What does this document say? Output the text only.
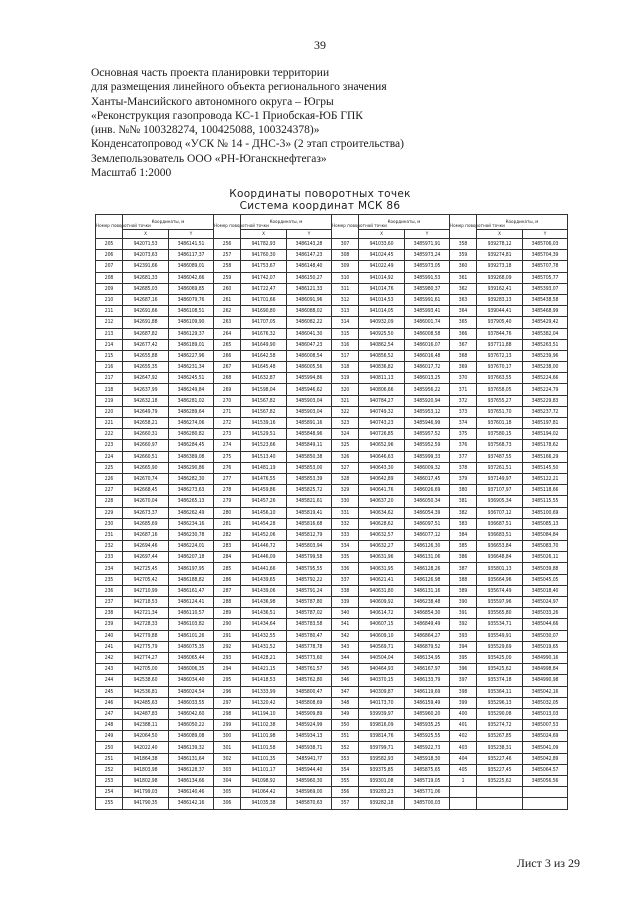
39
Основная часть проекта планировки территории
для размещения линейного объекта регионального значения
Ханты-Мансийского автономного округа – Югры
«Реконструкция газопровода КС-1 Приобская-ЮБ ГПК
(инв. №№ 100328274, 100425088, 100324378)»
Конденсатопровод «УСК № 14 - ДНС-3» (2 этап строительства)
Землепользователь ООО «РН-Юганскнефтегаз»
Масштаб 1:2000
Координаты поворотных точек
Система координат МСК 86
Номер поворотной точки	Координаты, м		Номер поворотной точки	Координаты, м		Номер поворотной точки	Координаты, м		Номер поворотной точки	Координаты, м	
	X	Y		X	Y		X	Y		X	Y
205	942071,53	3486141,51	256	941782,93	3486143,28	307	941033,60	3485971,91	358	939278,12	3485706,03
206	942073,63	3486117,37	257	941760,30	3486147,23	308	941024,45	3485973,24	359	939274,81	3485704,39
207	942391,66	3486089,01	258	941753,67	3486148,40	309	941022,49	3485973,05	360	939273,18	3485707,78
208	942681,33	3486042,66	259	941742,07	3486150,27	310	941014,92	3485991,53	361	939268,09	3485705,77
209	942685,03	3486069,85	260	941722,47	3486121,33	311	941014,76	3485980,37	362	939162,41	3485393,07
210	942687,16	3486079,76	261	941701,66	3486091,96	312	941014,53	3485991,61	363	939283,13	3485438,58
211	942691,66	3486108,51	262	941690,80	3486088,02	313	941014,05	3485993,41	364	939044,41	3485468,99
212	942691,88	3486109,90	263	941707,05	3486082,22	314	940932,09	3486001,74	365	937905,40	3485429,42
213	942687,82	3486129,37	264	941676,32	3486041,30	315	940925,50	3486008,58	366	937844,76	3485382,04
214	942677,42	3486189,01	265	941649,90	3486047,23	316	940862,54	3486016,07	367	937711,88	3485263,51
215	942655,88	3486227,96	266	941642,58	3486008,54	317	940856,52	3486016,48	368	937672,13	3485239,96
216	942655,35	3486231,34	267	941645,48	3486005,56	318	940836,82	3486017,72	369	937670,17	3485238,00
217	942647,92	3486245,51	268	941632,87	3485994,86	319	940811,13	3486013,25	370	937663,55	3485224,66
218	942637,99	3486249,84	269	941598,04	3485946,62	320	940806,66	3485956,22	371	937658,05	3485224,79
219	942632,18	3486281,02	270	941567,82	3485903,04	321	940784,27	3485920,94	372	937655,27	3485229,83
220	942649,79	3486289,64	271	941567,82	3485903,04	322	940749,32	3485953,12	373	937651,70	3485237,72
221	942658,21	3486274,06	272	941539,16	3485891,16	323	940743,23	3485946,99	374	937601,18	3485197,81
222	942660,31	3486280,82	273	941529,51	3485848,96	324	940726,85	3485957,52	375	937580,15	3485194,02
223	942660,97	3486284,45	274	941523,66	3485849,11	325	940652,96	3485952,59	376	937568,73	3485178,62
224	942660,51	3486389,08	275	941513,40	3485850,38	326	940646,63	3485999,33	377	937487,55	3485166,29
225	942665,90	3486290,86	276	941481,19	3485853,00	327	940643,30	3486009,32	378	937261,51	3485145,50
226	942670,74	3486282,30	277	941476,55	3485853,39	328	940642,89	3486017,45	379	937149,97	3485122,21
227	942668,45	3486273,63	278	941459,86	3485825,72	329	940641,76	3486026,69	380	937107,97	3485118,66
228	942670,04	3486265,13	279	941457,26	3485821,61	330	940637,20	3486050,34	381	936905,34	3485115,55
229	942673,37	3486262,49	280	941456,10	3485819,41	331	940634,62	3486054,39	382	936707,12	3485100,69
230	942685,69	3486234,16	281	941454,28	3485816,68	332	940628,62	3486097,51	383	936687,51	3485085,13
231	942687,16	3486230,78	282	941452,06	3485812,79	333	940632,57	3486077,12	384	936683,51	3485084,84
232	942694,46	3486224,01	283	941446,72	3485803,94	334	940632,27	3486126,30	385	936653,84	3485083,70
233	942697,44	3486207,18	284	941446,09	3485799,58	335	940631,96	3486131,06	386	936648,84	3485026,11
234	942725,45	3486197,95	285	941441,66	3485795,55	336	940631,95	3486128,26	387	935801,13	3485039,88
235	942705,42	3486188,82	286	941439,65	3485792,22	337	940621,41	3486126,98	388	935664,96	3485045,05
236	942710,99	3486161,47	287	941439,06	3485791,24	338	940631,80	3486131,16	389	935674,49	3485018,40
237	942718,53	3486124,41	288	941436,98	3485787,80	339	940609,92	3486238,48	390	935597,96	3485024,97
238	942721,34	3486110,57	289	941436,51	3485787,02	340	940614,72	3486854,30	391	935565,80	3485033,26
239	942728,33	3486103,82	290	941434,64	3485783,58	341	940607,15	3486849,49	392	935534,71	3485044,66
240	942779,88	3486101,26	291	941432,55	3485780,47	342	940609,10	3486864,27	393	935549,91	3485030,07
241	942775,79	3486075,35	292	941431,52	3485778,78	343	940569,71	3486879,52	394	935529,69	3485019,65
242	942774,27	3486065,44	293	941428,21	3485773,60	344	940504,04	3486134,95	395	935425,00	3484990,16
243	942705,00	3486006,35	294	941421,15	3485761,57	345	940464,93	3486167,97	396	935425,62	3484998,84
244	942538,60	3486034,40	295	941418,53	3485762,80	346	940370,15	3486133,79	397	935374,18	3484990,98
245	942536,81	3486024,54	296	941333,99	3485800,47	347	940309,87	3486119,69	398	935364,11	3485042,16
246	942485,63	3486033,55	297	941320,42	3485808,69	348	940173,70	3486159,49	399	935296,13	3485032,05
247	942487,83	3486042,60	298	941194,10	3485909,89	349	939939,97	3485960,20	400	935290,08	3485013,03
248	942388,11	3486050,22	299	941102,38	3485924,99	350	939816,09	3485935,25	401	935274,72	3485007,53
249	942064,50	3486089,08	300	941101,98	3485934,13	351	939814,76	3485925,55	402	935267,85	3485024,69
250	942022,40	3486139,32	301	941101,58	3485938,71	352	939799,71	3485922,73	403	935238,31	3485041,09
251	941864,38	3486131,64	302	941101,35	3485941,?7	353	939582,93	3485918,30	404	935227,46	3485042,89
252	941803,98	3486128,37	303	941101,17	3485944,40	354	939375,85	3485875,65	405	935227,45	3485064,57
253	941802,98	3486134,66	304	941098,92	3485960,30	355	939301,08	3485719,05	1	935225,62	3485056,56
254	941799,03	3486140,46	305	941064,42	3485969,00	356	939283,23	3485771,06			
255	941790,35	3486142,16	306	941035,38	3485870,63	357	939282,18	3485700,03			
Лист 3 из 29
